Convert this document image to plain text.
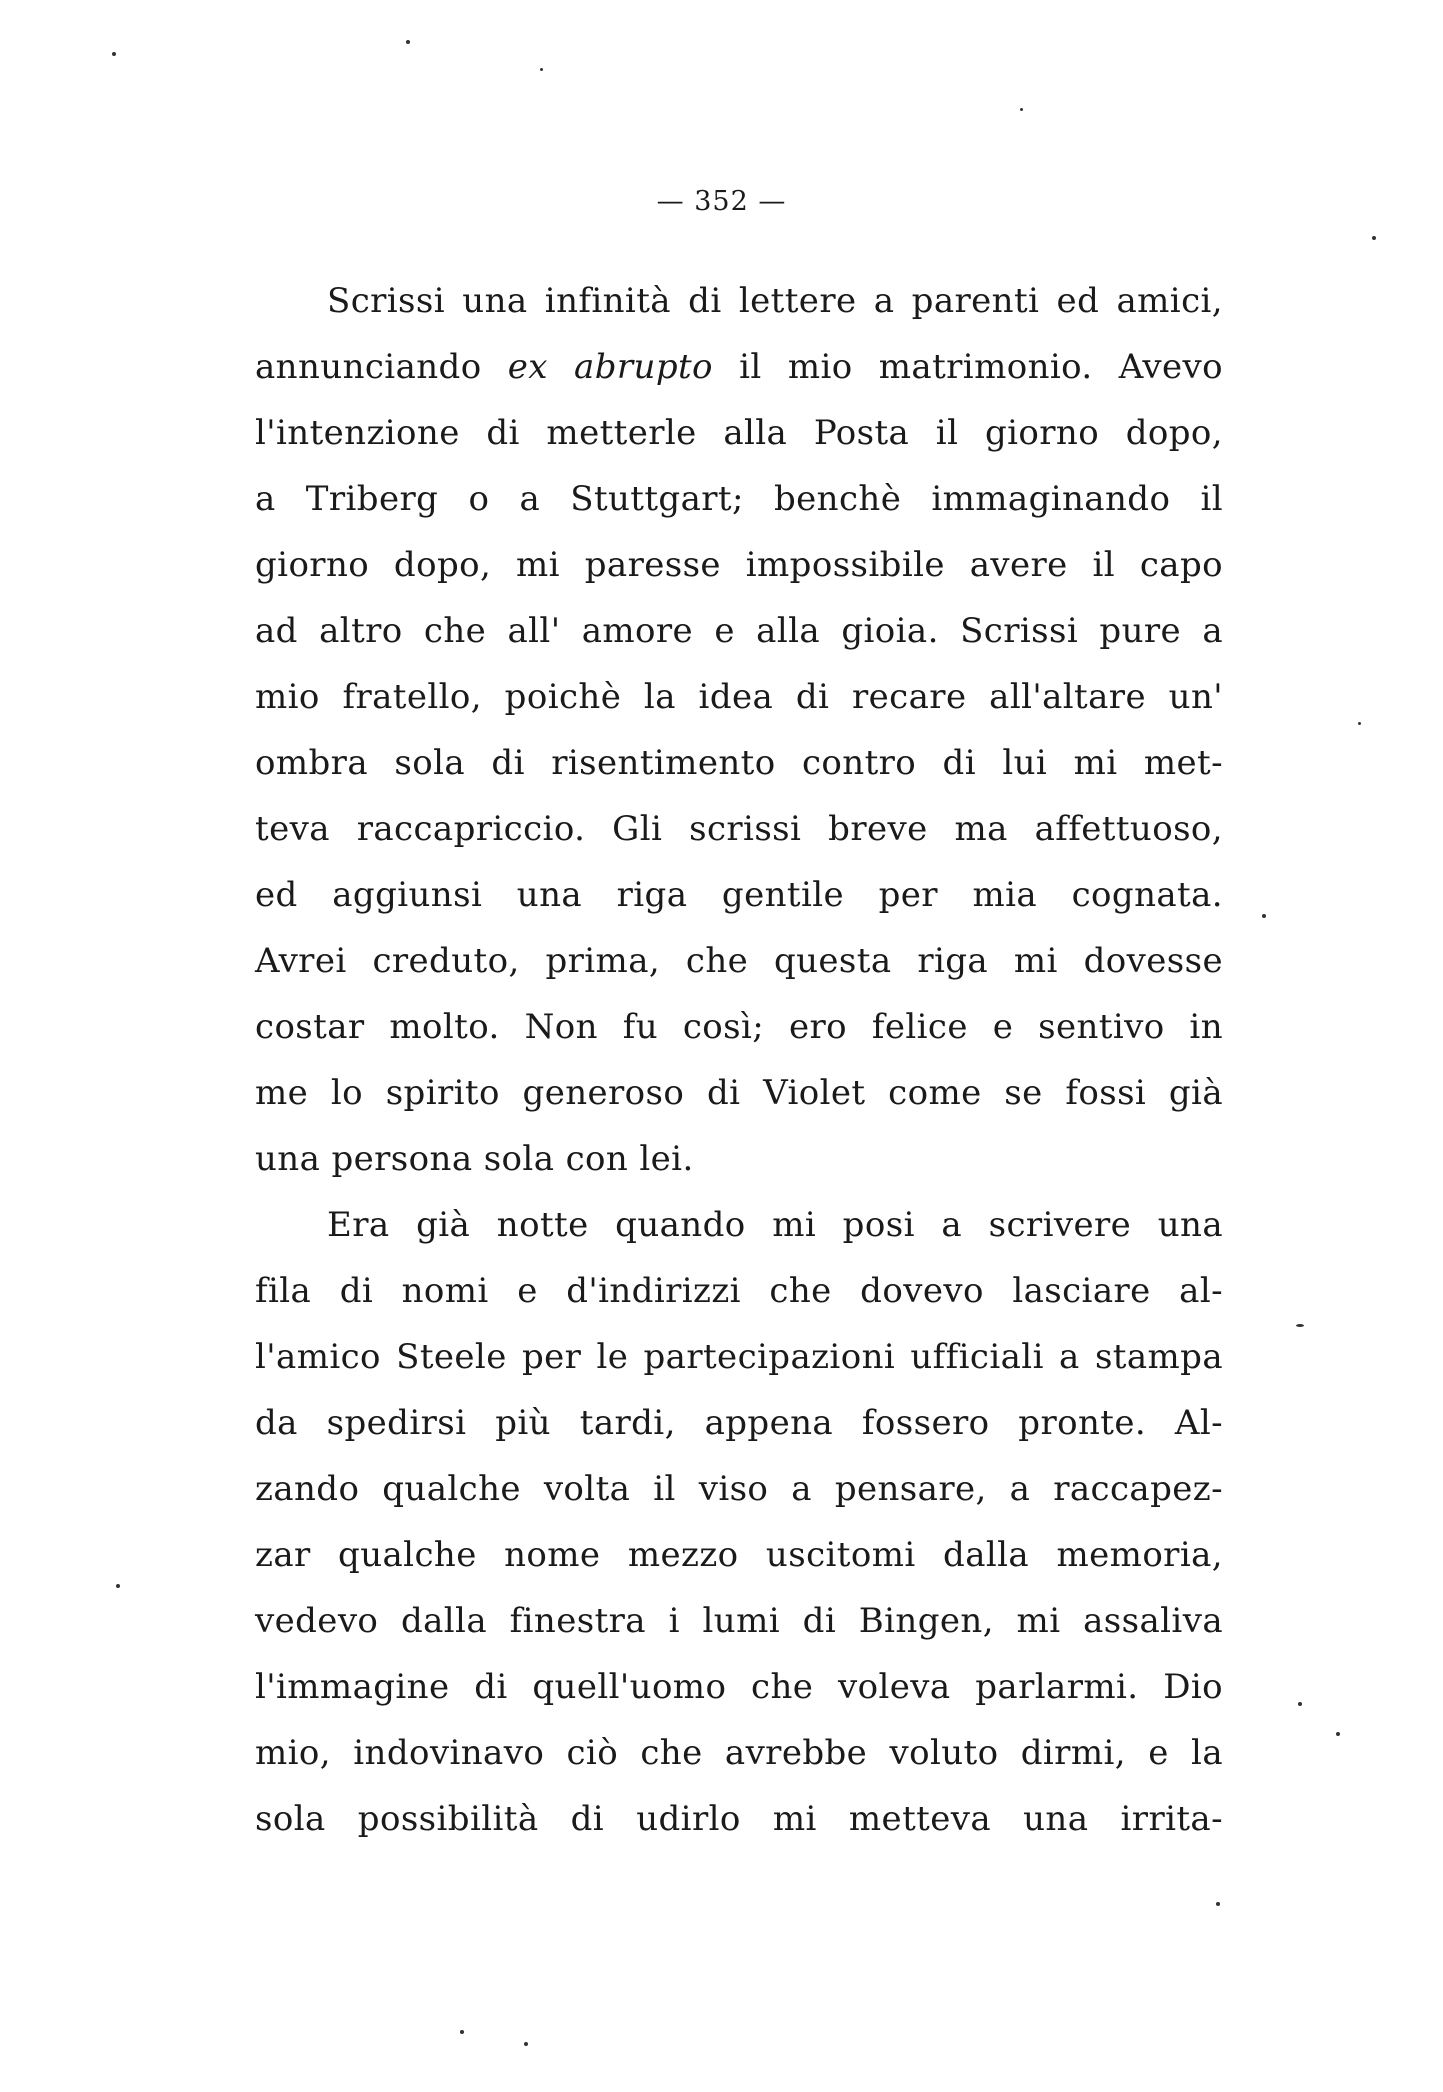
— 352 —
Scrissi una infinità di lettere a parenti ed amici,
annunciando ex abrupto il mio matrimonio. Avevo
l'intenzione di metterle alla Posta il giorno dopo,
a Triberg o a Stuttgart; benchè immaginando il
giorno dopo, mi paresse impossibile avere il capo
ad altro che all' amore e alla gioia. Scrissi pure a
mio fratello, poichè la idea di recare all'altare un'
ombra sola di risentimento contro di lui mi met-
teva raccapriccio. Gli scrissi breve ma affettuoso,
ed aggiunsi una riga gentile per mia cognata.
Avrei creduto, prima, che questa riga mi dovesse
costar molto. Non fu così; ero felice e sentivo in
me lo spirito generoso di Violet come se fossi già
una persona sola con lei.
Era già notte quando mi posi a scrivere una
fila di nomi e d'indirizzi che dovevo lasciare al-
l'amico Steele per le partecipazioni ufficiali a stampa
da spedirsi più tardi, appena fossero pronte. Al-
zando qualche volta il viso a pensare, a raccapez-
zar qualche nome mezzo uscitomi dalla memoria,
vedevo dalla finestra i lumi di Bingen, mi assaliva
l'immagine di quell'uomo che voleva parlarmi. Dio
mio, indovinavo ciò che avrebbe voluto dirmi, e la
sola possibilità di udirlo mi metteva una irrita-
